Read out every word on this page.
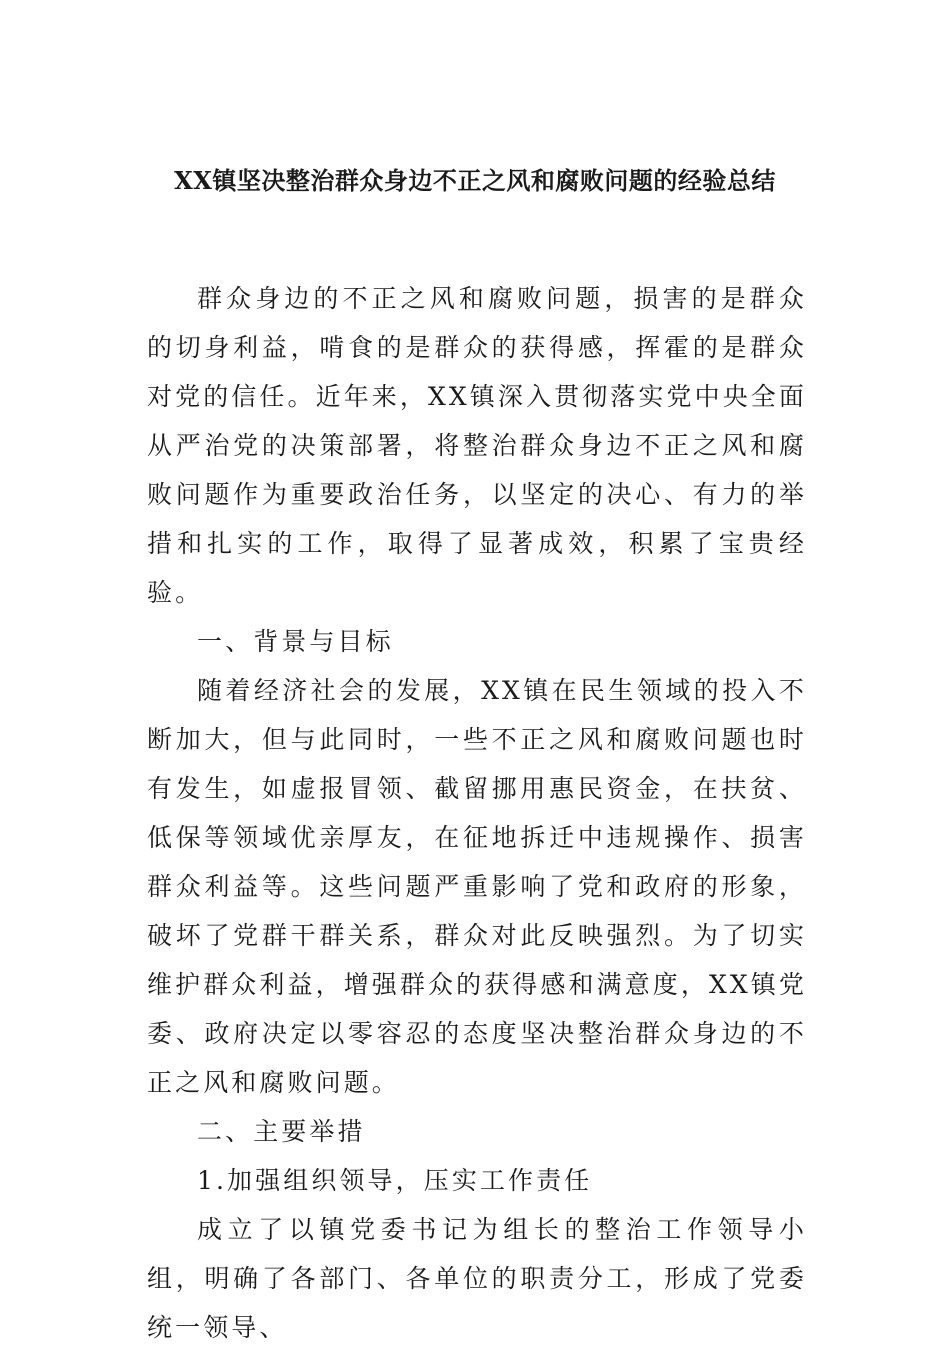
XX镇坚决整治群众身边不正之风和腐败问题的经验总结

群众身边的不正之风和腐败问题，损害的是群众的切身利益，啃食的是群众的获得感，挥霍的是群众对党的信任。近年来，XX镇深入贯彻落实党中央全面从严治党的决策部署，将整治群众身边不正之风和腐败问题作为重要政治任务，以坚定的决心、有力的举措和扎实的工作，取得了显著成效，积累了宝贵经验。

一、背景与目标

随着经济社会的发展，XX镇在民生领域的投入不断加大，但与此同时，一些不正之风和腐败问题也时有发生，如虚报冒领、截留挪用惠民资金，在扶贫、低保等领域优亲厚友，在征地拆迁中违规操作、损害群众利益等。这些问题严重影响了党和政府的形象，破坏了党群干群关系，群众对此反映强烈。为了切实维护群众利益，增强群众的获得感和满意度，XX镇党委、政府决定以零容忍的态度坚决整治群众身边的不正之风和腐败问题。

二、主要举措

1.加强组织领导，压实工作责任

成立了以镇党委书记为组长的整治工作领导小组，明确了各部门、各单位的职责分工，形成了党委统一领导、
